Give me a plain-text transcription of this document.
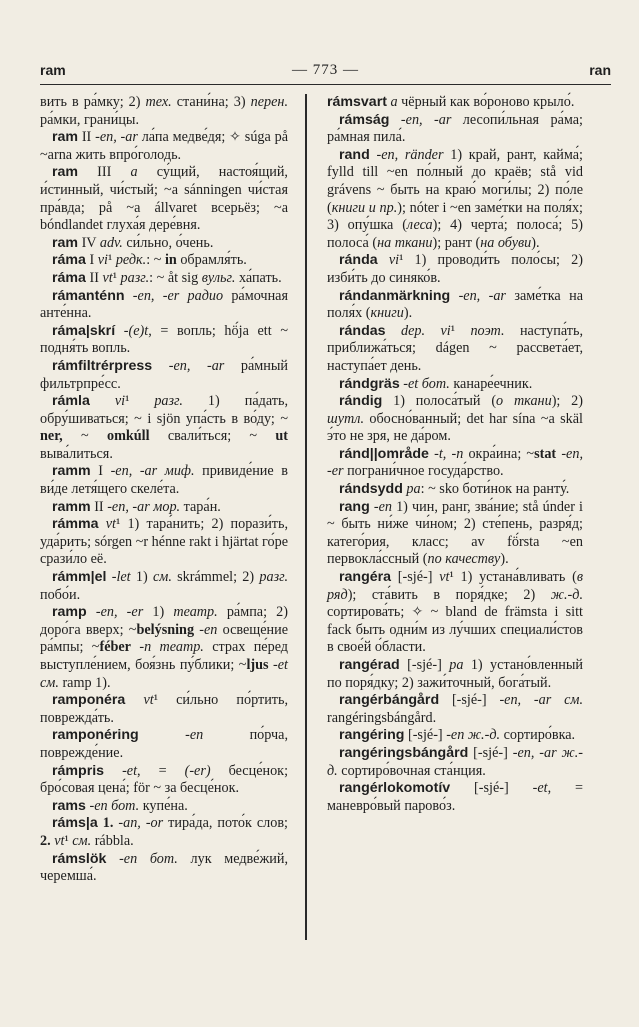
ram	— 773 —	ran

вить в ра́мку; 2) тех. стани́на; 3) перен. ра́мки, грани́цы.

ram II -en, -ar ла́па медве́дя; ✧ súga på ~arna жить впро́голодь.

ram III a су́щий, настоя́щий, и́стинный, чи́стый; ~a sánningen чи́стая пра́вда; på ~a állvaret всерьёз; ~a bóndlandet глуха́я дере́вня.

ram IV adv. си́льно, о́чень.

ráma I vi¹ редк.: ~ in обрамля́ть.

ráma II vt¹ разг.: ~ åt sig вульг. ха́пать.

rámanténn -en, -er радио ра́мочная анте́нна.

ráma|skrí -(e)t, = вопль; hö́ja ett ~ подня́ть вопль.

rámfiltrérpress -en, -ar ра́мный фильтрпре́сс.

rámla vi¹ разг. 1) па́дать, обру́шиваться; ~ i sjön упа́сть в во́ду; ~ ner, ~ omkúll свали́ться; ~ ut выва́литься.

ramm I -en, -ar миф. привиде́ние в ви́де летя́щего скеле́та.

ramm II -en, -ar мор. тара́н.

rámma vt¹ 1) тара́нить; 2) порази́ть, уда́рить; sórgen ~r hénne rakt i hjärtat го́ре срази́ло её.

rámm|el -let 1) см. skrámmel; 2) разг. побо́и.

ramp -en, -er 1) театр. ра́мпа; 2) доро́га вверх; ~belýsning -en освеще́ние ра́мпы; ~féber -n театр. страх пе́ред выступле́нием, боя́знь пу́блики; ~ljus -et см. ramp 1).

ramponéra vt¹ си́льно по́ртить, поврежда́ть.

ramponéring	-en по́рча, поврежде́ние.

rámpris -et, = (-er) бесце́нок; бро́совая цена́; för ~ за бесце́нок.

rams -en бот. купе́на.

ráms|a 1. -an, -or тира́да, пото́к слов; 2. vt¹ см. rábbla.

rámslök -en бот. лук медве́жий, черемша́.

rámsvart a чёрный как во́роново крыло́.

rámság -en, -ar лесопи́льная ра́ма; ра́мная пила́.

rand -en, ränder 1) край, рант, кайма́; fylld till ~en по́лный до краёв; stå vid grávens ~ быть на краю́ моги́лы; 2) по́ле (книги и пр.); nóter i ~en заме́тки на поля́х; 3) опу́шка (леса); 4) черта́; полоса́; 5) полоса́ (на ткани); рант (на обуви).

ránda vi¹ 1) проводи́ть поло́сы; 2) изби́ть до синяко́в.

rándanmärkning -en, -ar заме́тка на поля́х (книги).

rándas dep. vi¹ поэт. наступа́ть, приближа́ться; dágen ~ рассвета́ет, наступа́ет день.

rándgräs -et бот. канаре́ечник.

rándig 1) полоса́тый (о ткани); 2) шутл. обосно́ванный; det har sína ~a skäl э́то не зря, не да́ром.

ránd||område -t, -n окра́ина; ~stat -en, -er пограни́чное госуда́рство.

rándsydd pa: ~ sko боти́нок на ранту́.

rang -en 1) чин, ранг, зва́ние; stå únder i ~ быть ни́же чи́ном; 2) сте́пень, разря́д; катего́рия, класс; av fö́rsta ~en первокла́ссный (по качеству).

rangéra [-sjé-] vt¹ 1) устана́вливать (в ряд); ста́вить в поря́дке; 2) ж.-д. сортирова́ть; ✧ ~ bland de främsta i sitt fack быть одни́м из лу́чших специали́стов в свое́й о́бласти.

rangérad [-sjé-] pa 1) устано́вленный по поря́дку; 2) зажи́точный, бога́тый.

rangérbángård [-sjé-] -en, -ar см. rangéringsbángård.

rangéring [-sjé-] -en ж.-д. сортиро́вка.

rangéringsbángård [-sjé-] -en, -ar ж.-д. сортиро́вочная ста́нция.

rangérlokomotív [-sjé-] -et, = маневро́вый парово́з.
